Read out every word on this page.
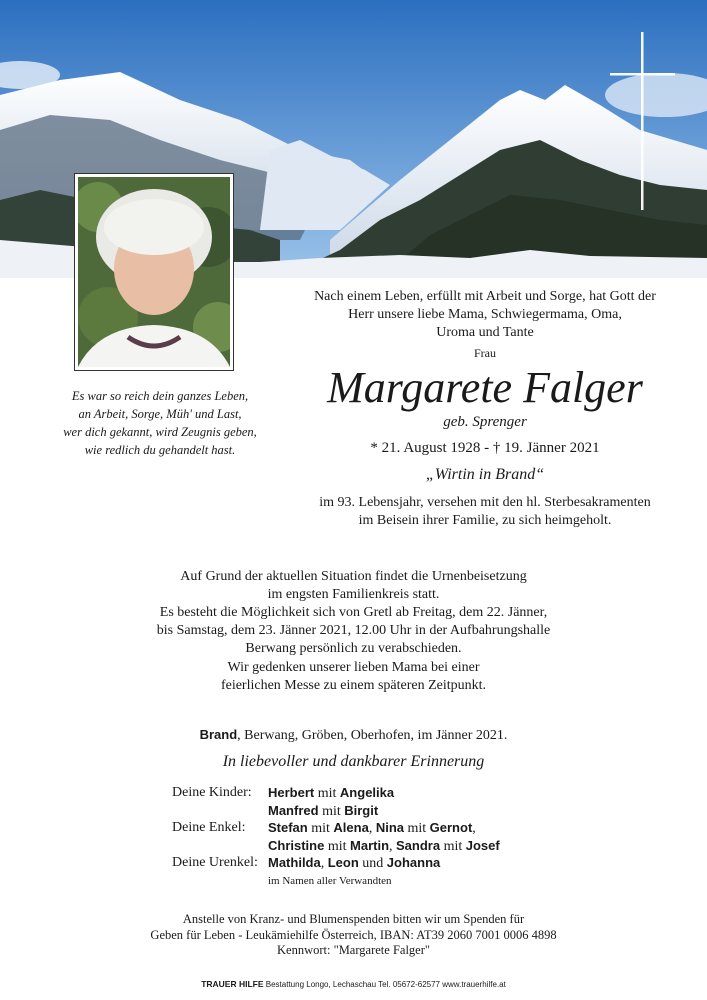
Es war so reich dein ganzes Leben,
an Arbeit, Sorge, Müh' und Last,
wer dich gekannt, wird Zeugnis geben,
wie redlich du gehandelt hast.
Nach einem Leben, erfüllt mit Arbeit und Sorge, hat Gott der
Herr unsere liebe Mama, Schwiegermama, Oma,
Uroma und Tante
Frau
Margarete Falger
geb. Sprenger
* 21. August 1928 - † 19. Jänner 2021
„Wirtin in Brand“
im 93. Lebensjahr, versehen mit den hl. Sterbesakramenten
im Beisein ihrer Familie, zu sich heimgeholt.
Auf Grund der aktuellen Situation findet die Urnenbeisetzung
im engsten Familienkreis statt.
Es besteht die Möglichkeit sich von Gretl ab Freitag, dem 22. Jänner,
bis Samstag, dem 23. Jänner 2021, 12.00 Uhr in der Aufbahrungshalle
Berwang persönlich zu verabschieden.
Wir gedenken unserer lieben Mama bei einer
feierlichen Messe zu einem späteren Zeitpunkt.
Brand, Berwang, Gröben, Oberhofen, im Jänner 2021.
In liebevoller und dankbarer Erinnerung
Deine Kinder:	Herbert mit Angelika
Manfred mit Birgit
Deine Enkel:	Stefan mit Alena, Nina mit Gernot,
Christine mit Martin, Sandra mit Josef
Deine Urenkel: Mathilda, Leon und Johanna
im Namen aller Verwandten
Anstelle von Kranz- und Blumenspenden bitten wir um Spenden für
Geben für Leben - Leukämiehilfe Österreich, IBAN: AT39 2060 7001 0006 4898
Kennwort: "Margarete Falger"
TRAUER HILFE Bestattung Longo, Lechaschau Tel. 05672-62577 www.trauerhilfe.at
